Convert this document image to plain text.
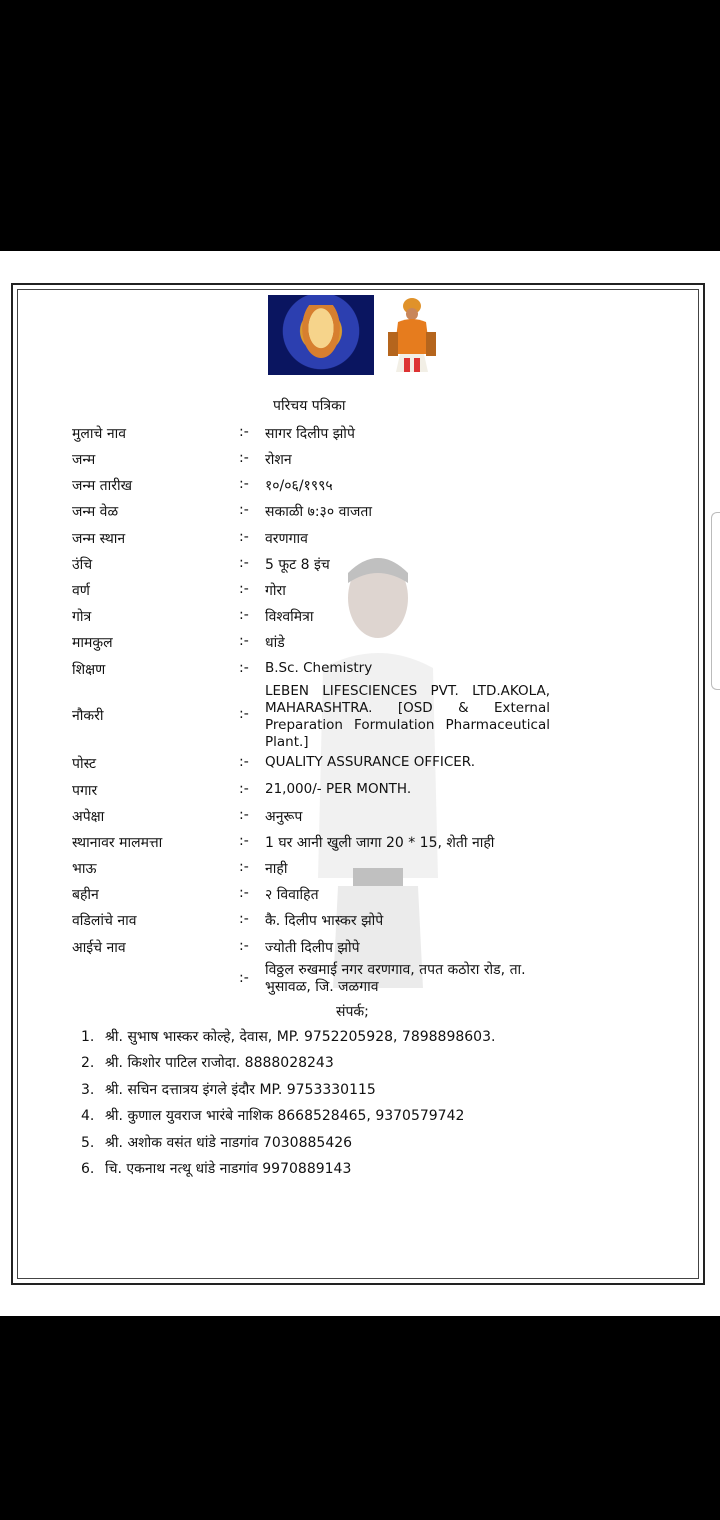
परिचय पत्रिका
मुलाचे नाव	:- सागर दिलीप झोपे
जन्म	:- रोशन
जन्म तारीख	:- १०/०६/१९९५
जन्म वेळ	:- सकाळी ७:३० वाजता
जन्म स्थान	:- वरणगाव
उंचि	:- 5 फूट 8 इंच
वर्ण	:- गोरा
गोत्र	:- विश्वमित्रा
मामकुल	:- धांडे
शिक्षण	:- B.Sc. Chemistry
नौकरी	:-
LEBEN LIFESCIENCES PVT. LTD.AKOLA, MAHARASHTRA. [OSD & External Preparation Formulation Pharmaceutical Plant.]
पोस्ट	:- QUALITY ASSURANCE OFFICER.
पगार	:- 21,000/- PER MONTH.
अपेक्षा	:- अनुरूप
स्थानावर मालमत्ता	:- 1 घर आनी खुली जागा 20 * 15, शेती नाही
भाऊ	:- नाही
बहीन	:- २ विवाहित
वडिलांचे नाव	:- कै. दिलीप भास्कर झोपे
आईचे नाव	:- ज्योती दिलीप झोपे
:- विठ्ठल रुखमाई नगर वरणगाव, तपत कठोरा रोड, ता. भुसावळ, जि. जळगाव
संपर्क;
1. श्री. सुभाष भास्कर कोल्हे, देवास, MP. 9752205928, 7898898603.
2. श्री. किशोर पाटिल राजोदा. 8888028243
3. श्री. सचिन दत्तात्रय इंगले इंदौर MP. 9753330115
4. श्री. कुणाल युवराज भारंबे नाशिक 8668528465, 9370579742
5. श्री. अशोक वसंत धांडे नाडगांव 7030885426
6. चि. एकनाथ नत्थू धांडे नाडगांव 9970889143
